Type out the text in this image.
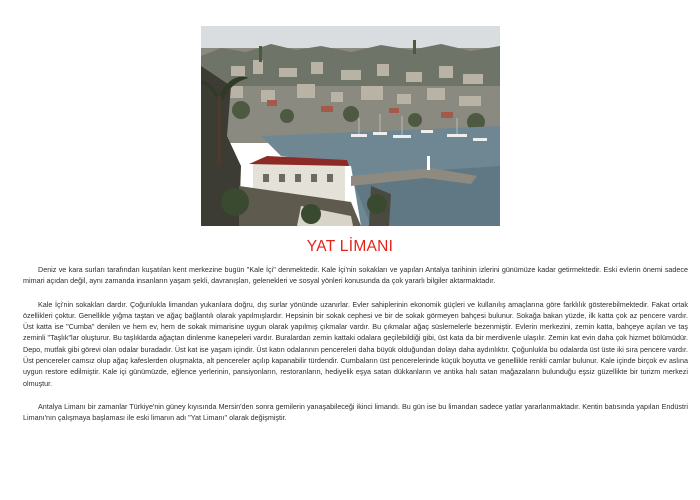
YAT LİMANI

Deniz ve kara surları tarafından kuşatılan kent merkezine bugün "Kale İçi" denmektedir. Kale İçi'nin sokakları ve yapıları Antalya tarihinin izlerini günümüze kadar getirmektedir. Eski evlerin önemi sadece mimari açıdan değil, aynı zamanda insanların yaşam şekli, davranışları, gelenekleri ve sosyal yönleri konusunda da çok yararlı bilgiler aktarmaktadır.

Kale İçi'nin sokakları dardır. Çoğunlukla limandan yukarılara doğru, dış surlar yönünde uzanırlar. Evler sahiplerinin ekonomik güçleri ve kullanılış amaçlarına göre farklılık gösterebilmektedir. Fakat ortak özellikleri çoktur. Genellikle yığma taştan ve ağaç bağlantılı olarak yapılmışlardır. Hepsinin bir sokak cephesi ve bir de sokak görmeyen bahçesi bulunur. Sokağa bakan yüzde, ilk katta çok az pencere vardır. Üst katta ise "Cumba" denilen ve hem ev, hem de sokak mimarisine uygun olarak yapılmış çıkmalar vardır. Bu çıkmalar ağaç süslemelerle bezenmiştir. Evlerin merkezini, zemin katta, bahçeye açılan ve taş zeminli "Taşlık"lar oluşturur. Bu taşlıklarda ağaçtan dinlenme kanepeleri vardır. Buralardan zemin kattaki odalara geçilebildiği gibi, üst kata da bir merdivenle ulaşılır. Zemin kat evin daha çok hizmet bölümüdür. Depo, mutfak gibi görevi olan odalar buradadır. Üst kat ise yaşam içindir. Üst katın odalarının pencereleri daha büyük olduğundan dolayı daha aydınlıktır. Çoğunlukla bu odalarda üst üste iki sıra pencere vardır. Üst pencereler camsız olup ağaç kafeslerden oluşmakta, alt pencereler açılıp kapanabilir türdendir. Cumbaların üst pencerelerinde küçük boyutta ve genellikle renkli camlar bulunur. Kale içinde birçok ev aslına uygun restore edilmiştir. Kale içi günümüzde, eğlence yerlerinin, pansiyonların, restoranların, hediyelik eşya satan dükkanların ve antika halı satan mağazaların bulunduğu eşsiz güzellikte bir turizm merkezi olmuştur.

Antalya Limanı bir zamanlar Türkiye'nin güney kıyısında Mersin'den sonra gemilerin yanaşabileceği ikinci limandı. Bu gün ise bu limandan sadece yatlar yararlanmaktadır. Kentin batısında yapılan Endüstri Limanı'nın çalışmaya başlaması ile eski limanın adı "Yat Limanı" olarak değişmiştir.
